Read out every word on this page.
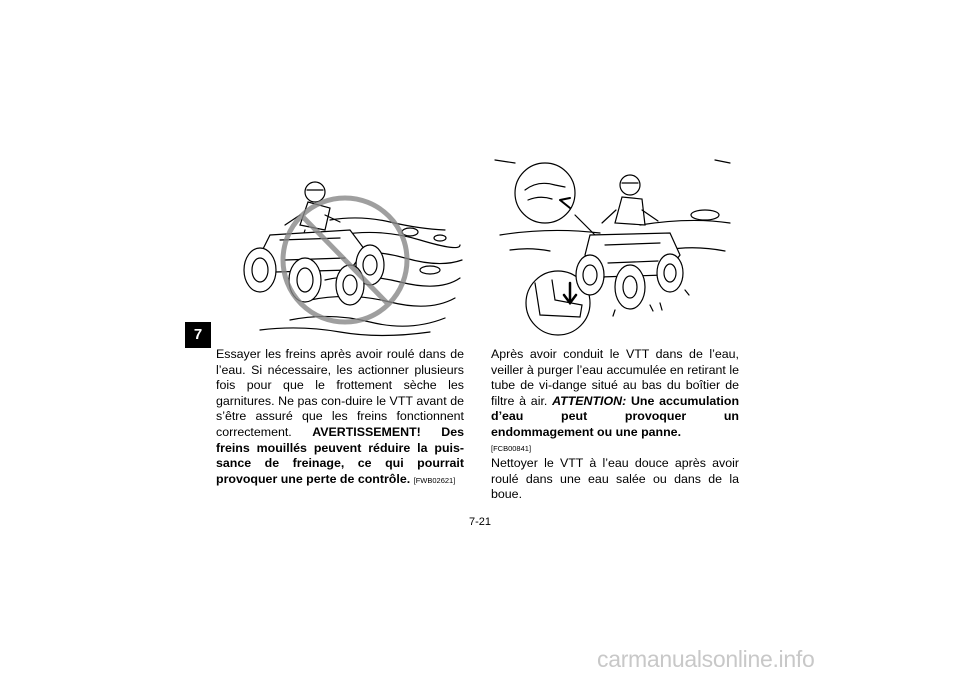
7

Essayer les freins après avoir roulé dans de l’eau. Si nécessaire, les actionner plusieurs fois pour que le frottement sèche les garnitures. Ne pas con-duire le VTT avant de s’être assuré que les freins fonctionnent correctement. AVERTISSEMENT! Des freins mouillés peuvent réduire la puis-sance de freinage, ce qui pourrait provoquer une perte de contrôle. [FWB02621]

Après avoir conduit le VTT dans de l’eau, veiller à purger l’eau accumulée en retirant le tube de vi-dange situé au bas du boîtier de filtre à air. ATTENTION: Une accumulation d’eau peut provoquer un endommagement ou une panne.

[FCB00841]

Nettoyer le VTT à l’eau douce après avoir roulé dans une eau salée ou dans de la boue.

7-21
carmanualsonline.info
